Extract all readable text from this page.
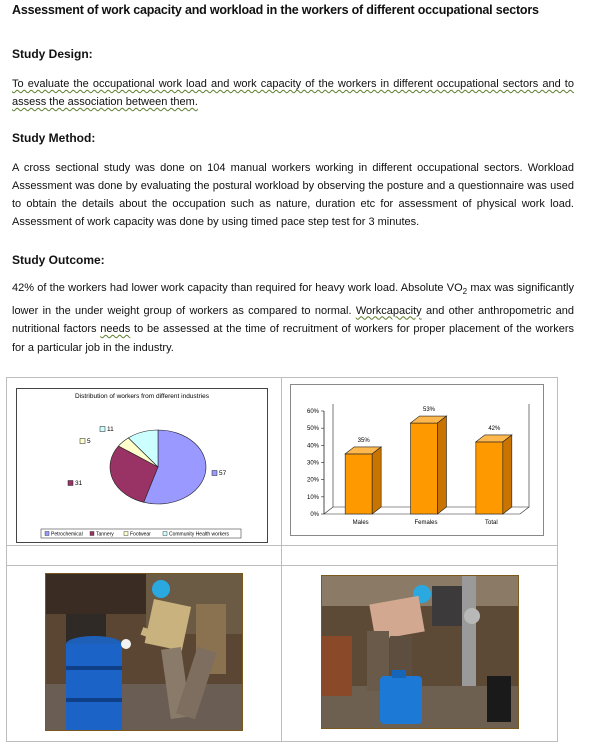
Assessment of work capacity and workload in the workers of different occupational sectors
Study Design:
To evaluate the occupational work load and work capacity of the workers in different occupational sectors and to assess the association between them.
Study Method:
A cross sectional study was done on 104 manual workers working in different occupational sectors. Workload Assessment was done by evaluating the postural workload by observing the posture and a questionnaire was used to obtain the details about the occupation such as nature, duration etc for assessment of physical work load. Assessment of work capacity was done by using timed pace step test for 3 minutes.
Study Outcome:
42% of the workers had lower work capacity than required for heavy work load. Absolute $VO_2$ max was significantly lower in the under weight group of workers as compared to normal. Workcapacity and other anthropometric and nutritional factors needs to be assessed at the time of recruitment of workers for proper placement of the workers for a particular job in the industry.
Distribution of workers from different industries
57
31
5
11
Petrochemical	Tannery	Footwear	Community Health workers
0%
10%
20%
30%
40%
50%
60%
35%
Males
53%
Females
42%
Total
